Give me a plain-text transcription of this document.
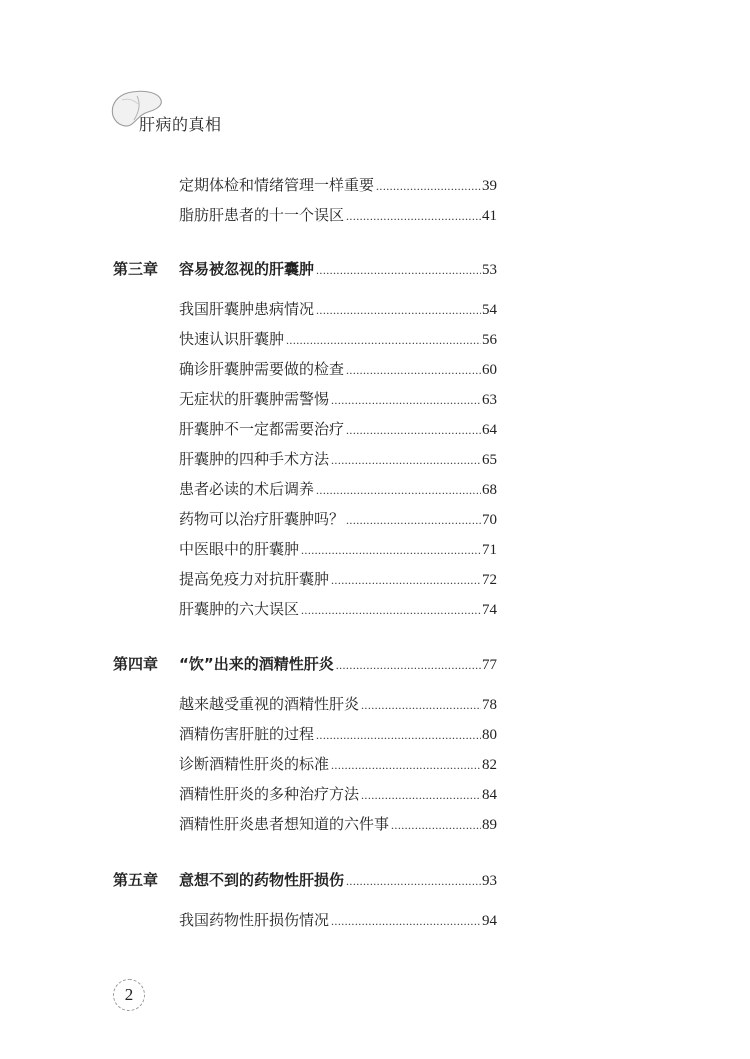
肝病的真相
定期体检和情绪管理一样重要 .....	39
脂肪肝患者的十一个误区 .....	41
第三章	容易被忽视的肝囊肿 .....	53
我国肝囊肿患病情况 .....	54
快速认识肝囊肿 .....	56
确诊肝囊肿需要做的检查 .....	60
无症状的肝囊肿需警惕 .....	63
肝囊肿不一定都需要治疗 .....	64
肝囊肿的四种手术方法 .....	65
患者必读的术后调养 .....	68
药物可以治疗肝囊肿吗？ .....	70
中医眼中的肝囊肿 .....	71
提高免疫力对抗肝囊肿 .....	72
肝囊肿的六大误区 .....	74
第四章	“饮”出来的酒精性肝炎 .....	77
越来越受重视的酒精性肝炎 .....	78
酒精伤害肝脏的过程 .....	80
诊断酒精性肝炎的标准 .....	82
酒精性肝炎的多种治疗方法 .....	84
酒精性肝炎患者想知道的六件事 .....	89
第五章	意想不到的药物性肝损伤 .....	93
我国药物性肝损伤情况 .....	94
2
